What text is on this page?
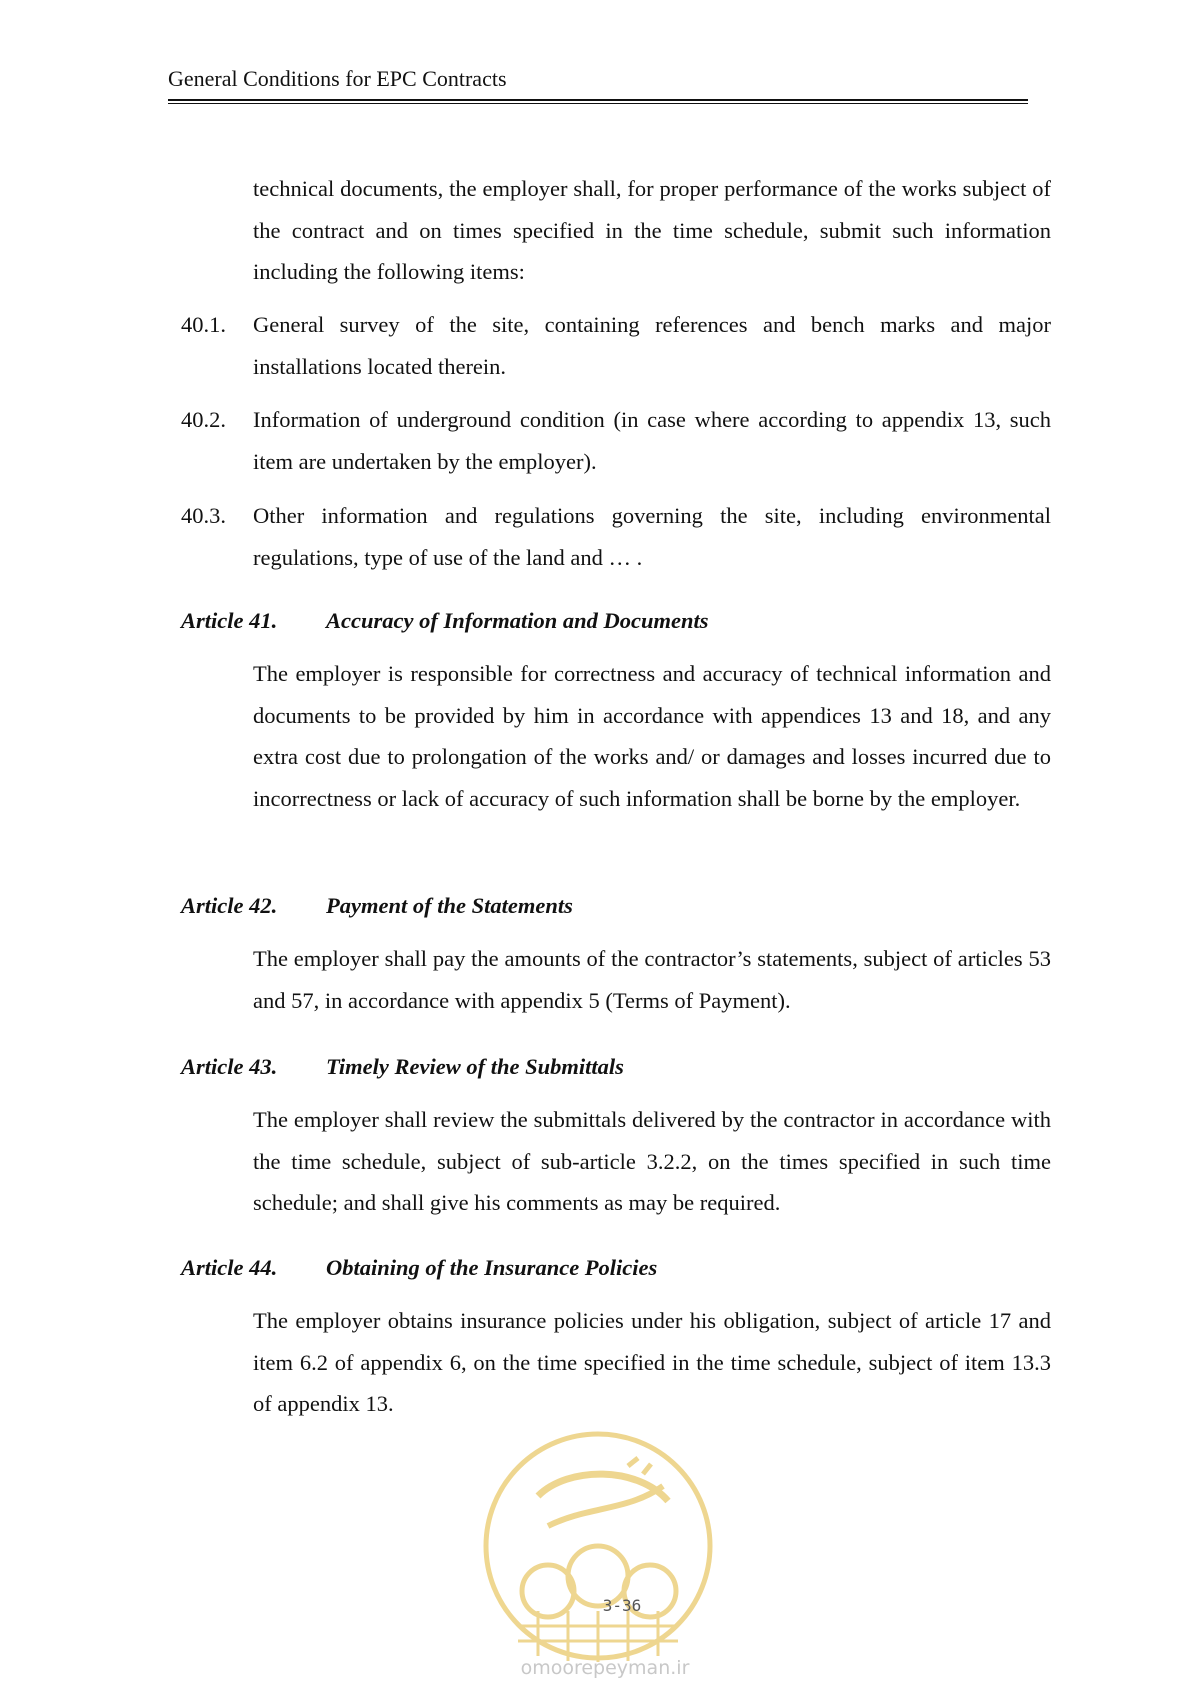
General Conditions for EPC Contracts

technical documents, the employer shall, for proper performance of the works subject of the contract and on times specified in the time schedule, submit such information including the following items:

40.1. General survey of the site, containing references and bench marks and major installations located therein.

40.2. Information of underground condition (in case where according to appendix 13, such item are undertaken by the employer).

40.3. Other information and regulations governing the site, including environmental regulations, type of use of the land and … .

Article 41. Accuracy of Information and Documents

The employer is responsible for correctness and accuracy of technical information and documents to be provided by him in accordance with appendices 13 and 18, and any extra cost due to prolongation of the works and/ or damages and losses incurred due to incorrectness or lack of accuracy of such information shall be borne by the employer.

Article 42. Payment of the Statements

The employer shall pay the amounts of the contractor’s statements, subject of articles 53 and 57, in accordance with appendix 5 (Terms of Payment).

Article 43. Timely Review of the Submittals

The employer shall review the submittals delivered by the contractor in accordance with the time schedule, subject of sub-article 3.2.2, on the times specified in such time schedule; and shall give his comments as may be required.

Article 44. Obtaining of the Insurance Policies

The employer obtains insurance policies under his obligation, subject of article 17 and item 6.2 of appendix 6, on the time specified in the time schedule, subject of item 13.3 of appendix 13.

3-36
omoorepeyman.ir
